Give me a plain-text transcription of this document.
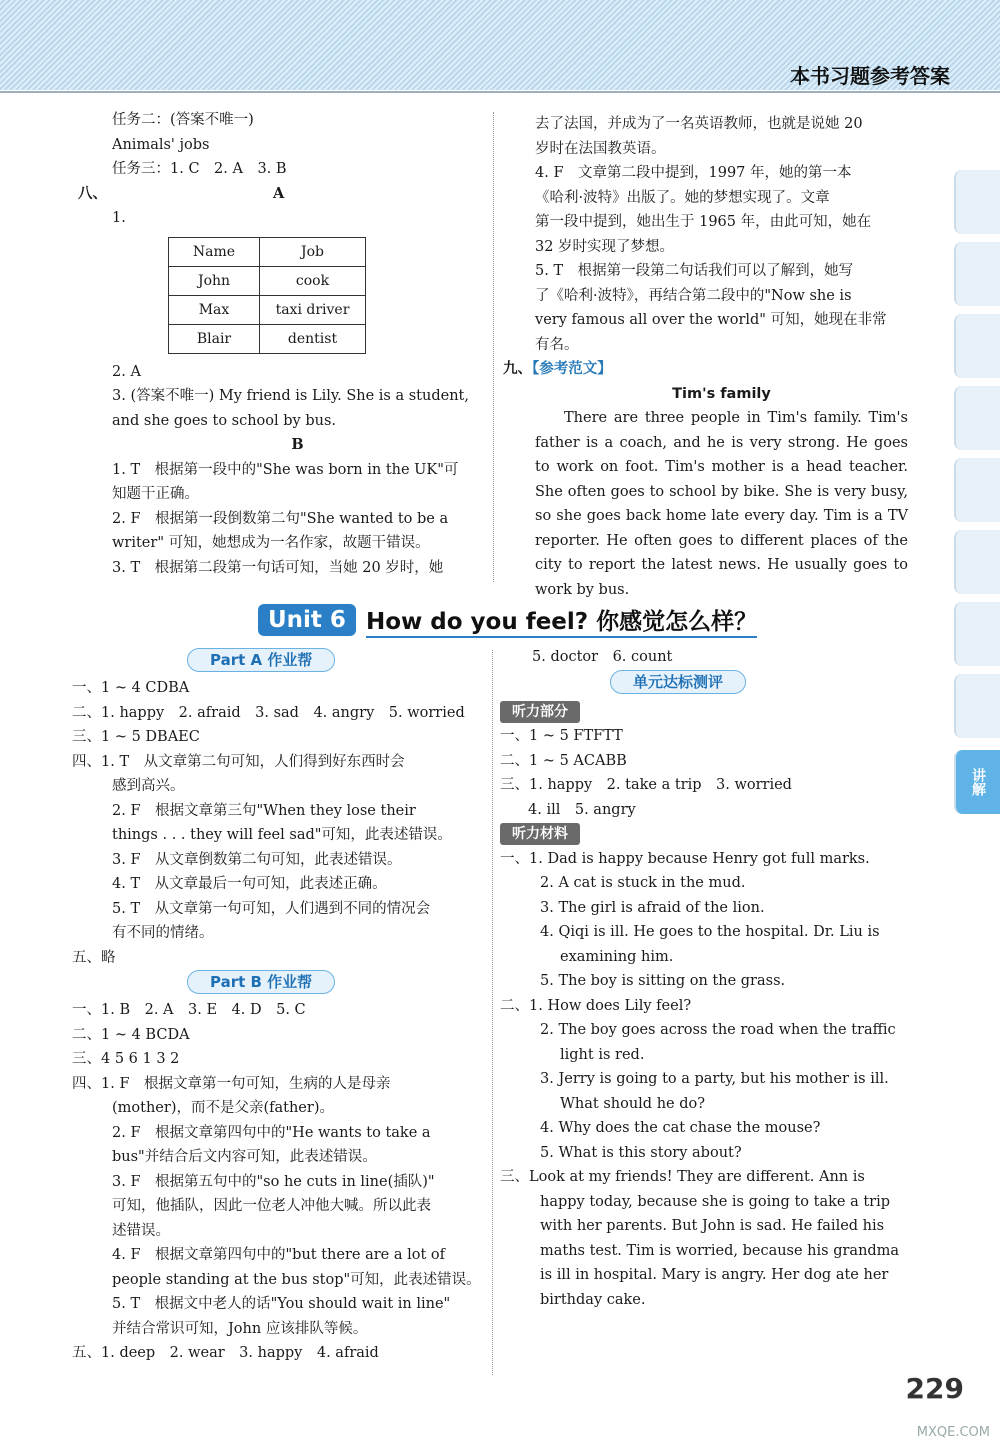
本书习题参考答案
讲解
任务二：(答案不唯一)
Animals' jobs
任务三：1. C　2. A　3. B
八、	A
1.
Name	Job
John	cook
Max	taxi driver
Blair	dentist
2. A
3. (答案不唯一) My friend is Lily. She is a student,
and she goes to school by bus.
B
1. T　根据第一段中的"She was born in the UK"可
知题干正确。
2. F　根据第一段倒数第二句"She wanted to be a
writer" 可知，她想成为一名作家，故题干错误。
3. T　根据第二段第一句话可知，当她 20 岁时，她
去了法国，并成为了一名英语教师，也就是说她 20
岁时在法国教英语。
4. F　文章第二段中提到，1997 年，她的第一本
《哈利·波特》出版了。她的梦想实现了。文章
第一段中提到，她出生于 1965 年，由此可知，她在
32 岁时实现了梦想。
5. T　根据第一段第二句话我们可以了解到，她写
了《哈利·波特》，再结合第二段中的"Now she is
very famous all over the world" 可知，她现在非常
有名。
九、【参考范文】
Tim's family

There are three people in Tim's family. Tim's father is a coach, and he is very strong. He goes to work on foot. Tim's mother is a head teacher. She often goes to school by bike. She is very busy, so she goes back home late every day. Tim is a TV reporter. He often goes to different places of the city to report the latest news. He usually goes to work by bus.

Unit 6 How do you feel? 你感觉怎么样？
Part A 作业帮
一、1 ~ 4 CDBA
二、1. happy　2. afraid　3. sad　4. angry　5. worried
三、1 ~ 5 DBAEC
四、1. T　从文章第二句可知，人们得到好东西时会
感到高兴。
2. F　根据文章第三句"When they lose their
things . . . they will feel sad"可知，此表述错误。
3. F　从文章倒数第二句可知，此表述错误。
4. T　从文章最后一句可知，此表述正确。
5. T　从文章第一句可知，人们遇到不同的情况会
有不同的情绪。
五、略
Part B 作业帮
一、1. B　2. A　3. E　4. D　5. C
二、1 ~ 4 BCDA
三、4 5 6 1 3 2
四、1. F　根据文章第一句可知，生病的人是母亲
(mother)，而不是父亲(father)。
2. F　根据文章第四句中的"He wants to take a
bus"并结合后文内容可知，此表述错误。
3. F　根据第五句中的"so he cuts in line(插队)"
可知，他插队，因此一位老人冲他大喊。所以此表
述错误。
4. F　根据文章第四句中的"but there are a lot of
people standing at the bus stop"可知，此表述错误。
5. T　根据文中老人的话"You should wait in line"
并结合常识可知，John 应该排队等候。
五、1. deep　2. wear　3. happy　4. afraid
5. doctor　6. count
单元达标测评
听力部分
一、1 ~ 5 FTFTT
二、1 ~ 5 ACABB
三、1. happy　2. take a trip　3. worried
4. ill　5. angry
听力材料
一、1. Dad is happy because Henry got full marks.
2. A cat is stuck in the mud.
3. The girl is afraid of the lion.
4. Qiqi is ill. He goes to the hospital. Dr. Liu is
examining him.
5. The boy is sitting on the grass.
二、1. How does Lily feel?
2. The boy goes across the road when the traffic
light is red.
3. Jerry is going to a party, but his mother is ill.
What should he do?
4. Why does the cat chase the mouse?
5. What is this story about?
三、Look at my friends! They are different. Ann is
happy today, because she is going to take a trip
with her parents. But John is sad. He failed his
maths test. Tim is worried, because his grandma
is ill in hospital. Mary is angry. Her dog ate her
birthday cake.
229
MXQE.COM
